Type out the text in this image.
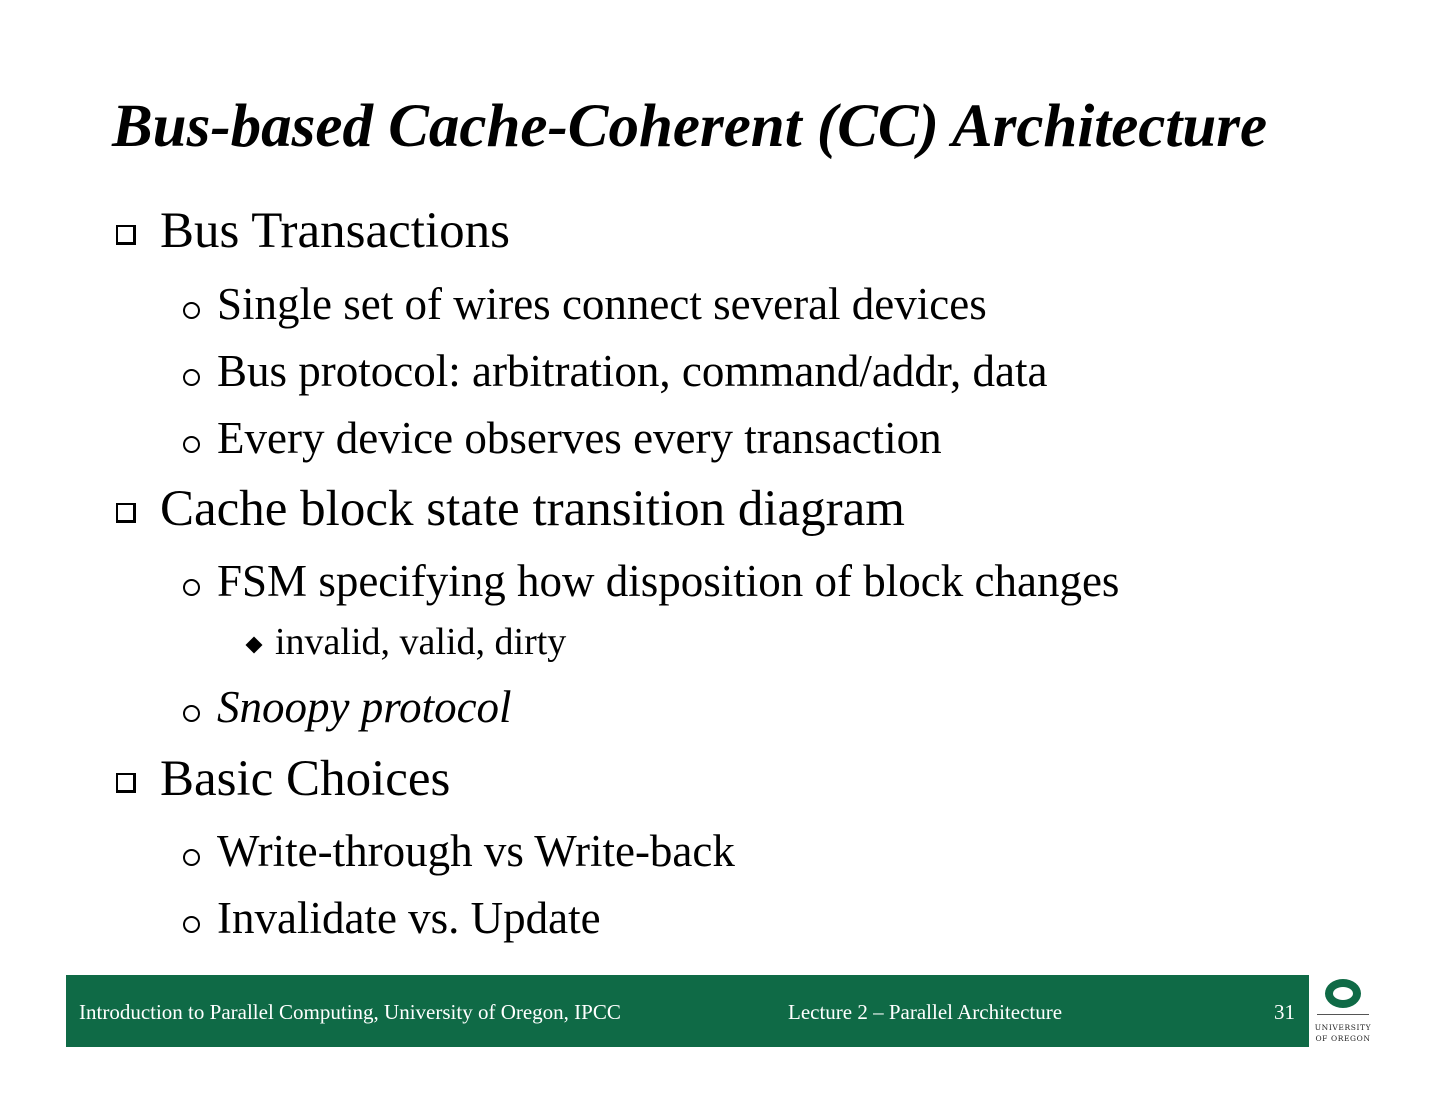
Bus-based Cache-Coherent (CC) Architecture
Bus Transactions
Single set of wires connect several devices
Bus protocol: arbitration, command/addr, data
Every device observes every transaction
Cache block state transition diagram
FSM specifying how disposition of block changes
invalid, valid, dirty
Snoopy protocol
Basic Choices
Write-through vs Write-back
Invalidate vs. Update
Introduction to Parallel Computing, University of Oregon, IPCC	Lecture 2 – Parallel Architecture	31
UNIVERSITY
OF OREGON
